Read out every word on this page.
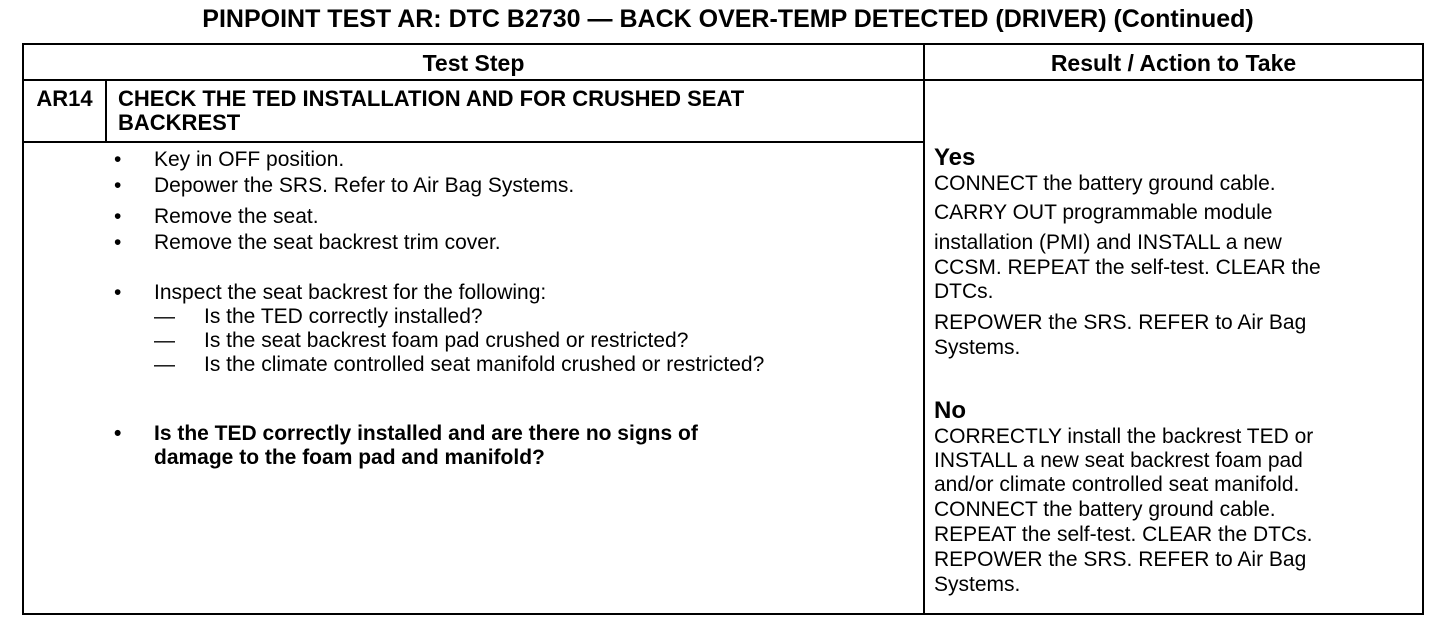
PINPOINT TEST AR: DTC B2730 — BACK OVER-TEMP DETECTED (DRIVER) (Continued)
Test Step	Result / Action to Take
AR14	CHECK THE TED INSTALLATION AND FOR CRUSHED SEAT
BACKREST
•	Key in OFF position.
•	Depower the SRS. Refer to Air Bag Systems.
•	Remove the seat.
•	Remove the seat backrest trim cover.
•	Inspect the seat backrest for the following:
—	Is the TED correctly installed?
—	Is the seat backrest foam pad crushed or restricted?
—	Is the climate controlled seat manifold crushed or restricted?
•	Is the TED correctly installed and are there no signs of
damage to the foam pad and manifold?
Yes
CONNECT the battery ground cable.
CARRY OUT programmable module
installation (PMI) and INSTALL a new
CCSM. REPEAT the self-test. CLEAR the
DTCs.
REPOWER the SRS. REFER to Air Bag
Systems.
No
CORRECTLY install the backrest TED or
INSTALL a new seat backrest foam pad
and/or climate controlled seat manifold.
CONNECT the battery ground cable.
REPEAT the self-test. CLEAR the DTCs.
REPOWER the SRS. REFER to Air Bag
Systems.
